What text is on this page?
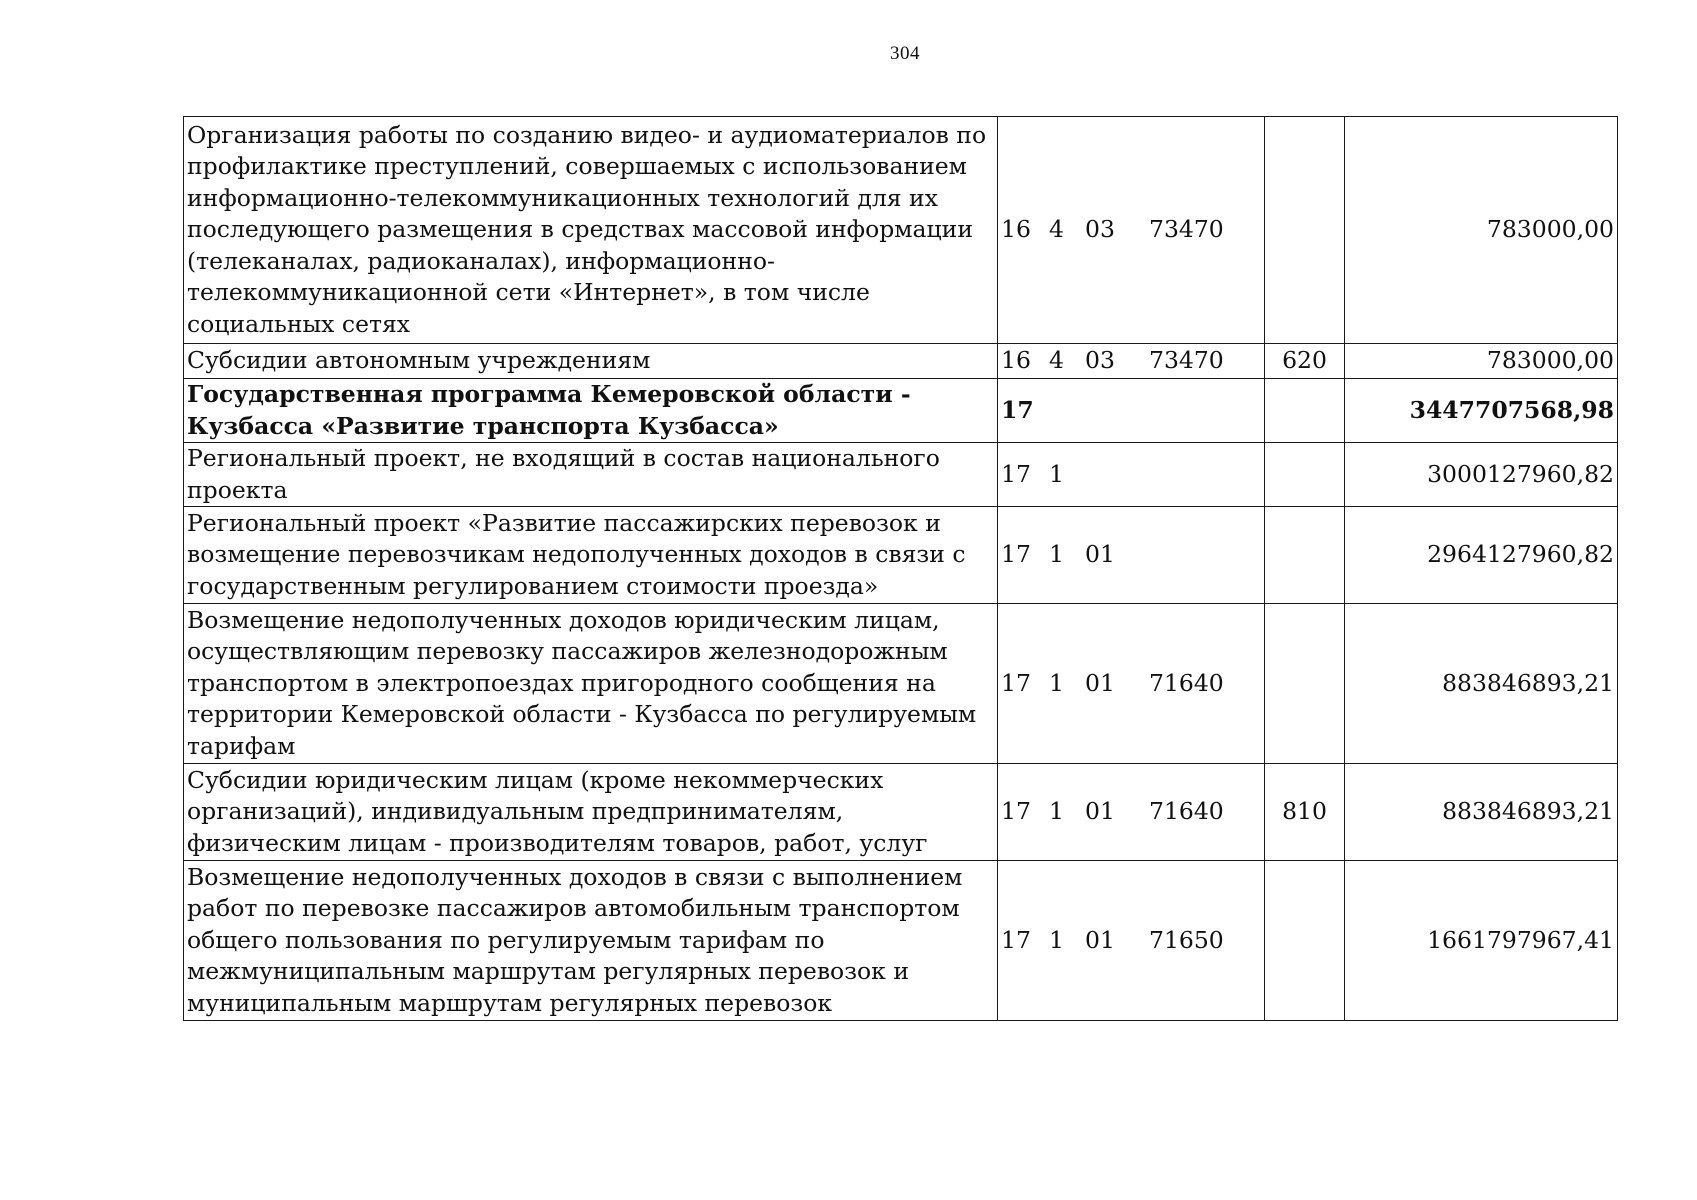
304
Организация работы по созданию видео- и аудиоматериалов по профилактике преступлений, совершаемых с использованием информационно-телекоммуникационных технологий для их последующего размещения в средствах массовой информации (телеканалах, радиоканалах), информационно-телекоммуникационной сети «Интернет», в том числе социальных сетях	16 4 03 73470		783000,00
Субсидии автономным учреждениям	16 4 03 73470	620	783000,00
Государственная программа Кемеровской области - Кузбасса «Развитие транспорта Кузбасса»	17		3447707568,98
Региональный проект, не входящий в состав национального проекта	17 1		3000127960,82
Региональный проект «Развитие пассажирских перевозок и возмещение перевозчикам недополученных доходов в связи с государственным регулированием стоимости проезда»	17 1 01		2964127960,82
Возмещение недополученных доходов юридическим лицам, осуществляющим перевозку пассажиров железнодорожным транспортом в электропоездах пригородного сообщения на территории Кемеровской области - Кузбасса по регулируемым тарифам	17 1 01 71640		883846893,21
Субсидии юридическим лицам (кроме некоммерческих организаций), индивидуальным предпринимателям, физическим лицам - производителям товаров, работ, услуг	17 1 01 71640	810	883846893,21
Возмещение недополученных доходов в связи с выполнением работ по перевозке пассажиров автомобильным транспортом общего пользования по регулируемым тарифам по межмуниципальным маршрутам регулярных перевозок и муниципальным маршрутам регулярных перевозок	17 1 01 71650		1661797967,41
